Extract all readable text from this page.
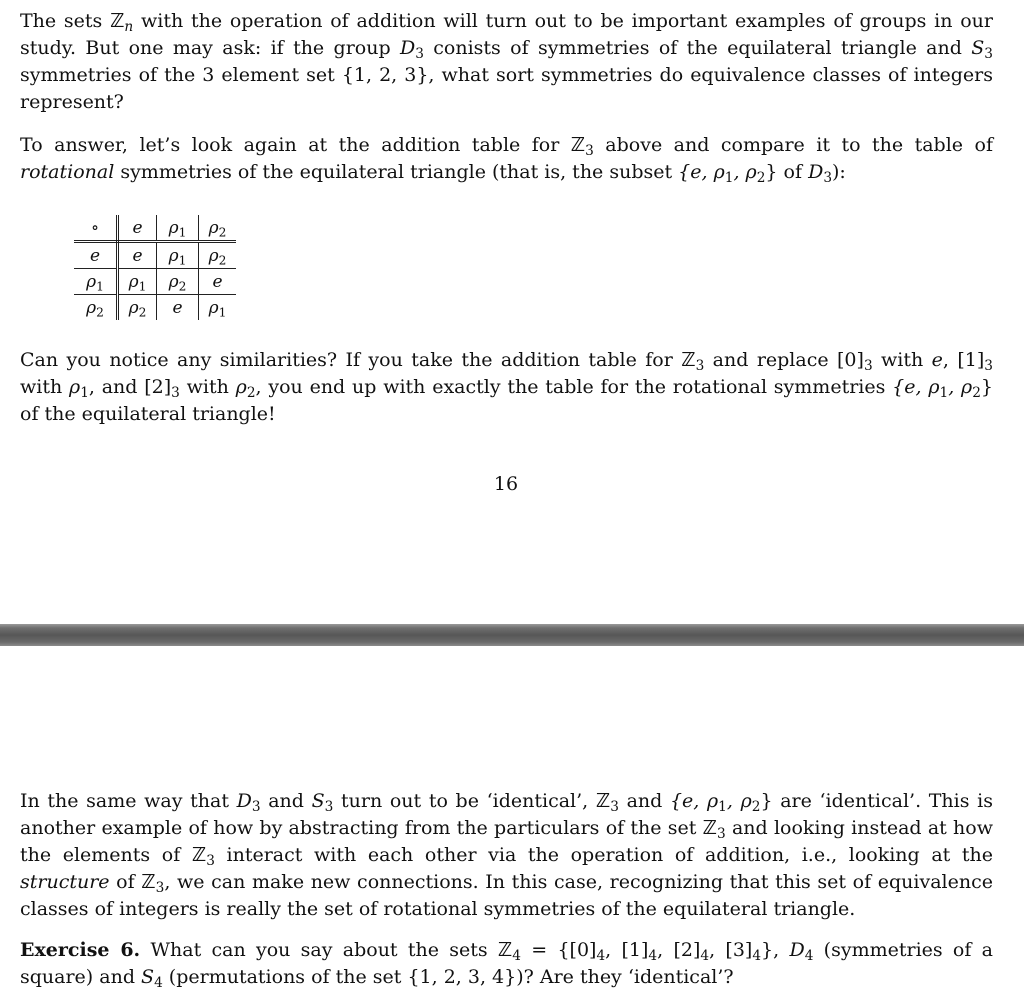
The sets ℤ$_n$ with the operation of addition will turn out to be important examples of groups in our study. But one may ask: if the group $D_3$ conists of symmetries of the equilateral triangle and $S_3$ symmetries of the 3 element set {1, 2, 3}, what sort symmetries do equivalence classes of integers represent?

To answer, let’s look again at the addition table for ℤ$_3$ above and compare it to the table of rotational symmetries of the equilateral triangle (that is, the subset {e, $\rho_1$, $\rho_2$} of $D_3$):

∘	e	$\rho_1$	$\rho_2$
e	e	$\rho_1$	$\rho_2$
$\rho_1$	$\rho_1$	$\rho_2$	e
$\rho_2$	$\rho_2$	e	$\rho_1$

Can you notice any similarities? If you take the addition table for ℤ$_3$ and replace $[0]_3$ with e, $[1]_3$ with $\rho_1$, and $[2]_3$ with $\rho_2$, you end up with exactly the table for the rotational symmetries {e, $\rho_1$, $\rho_2$} of the equilateral triangle!

16

In the same way that $D_3$ and $S_3$ turn out to be ‘identical’, ℤ$_3$ and {e, $\rho_1$, $\rho_2$} are ‘identical’. This is another example of how by abstracting from the particulars of the set ℤ$_3$ and looking instead at how the elements of ℤ$_3$ interact with each other via the operation of addition, i.e., looking at the structure of ℤ$_3$, we can make new connections. In this case, recognizing that this set of equivalence classes of integers is really the set of rotational symmetries of the equilateral triangle.

Exercise 6. What can you say about the sets ℤ$_4$ = {$[0]_4$, $[1]_4$, $[2]_4$, $[3]_4$}, $D_4$ (symmetries of a square) and $S_4$ (permutations of the set {1, 2, 3, 4})? Are they ‘identical’?
